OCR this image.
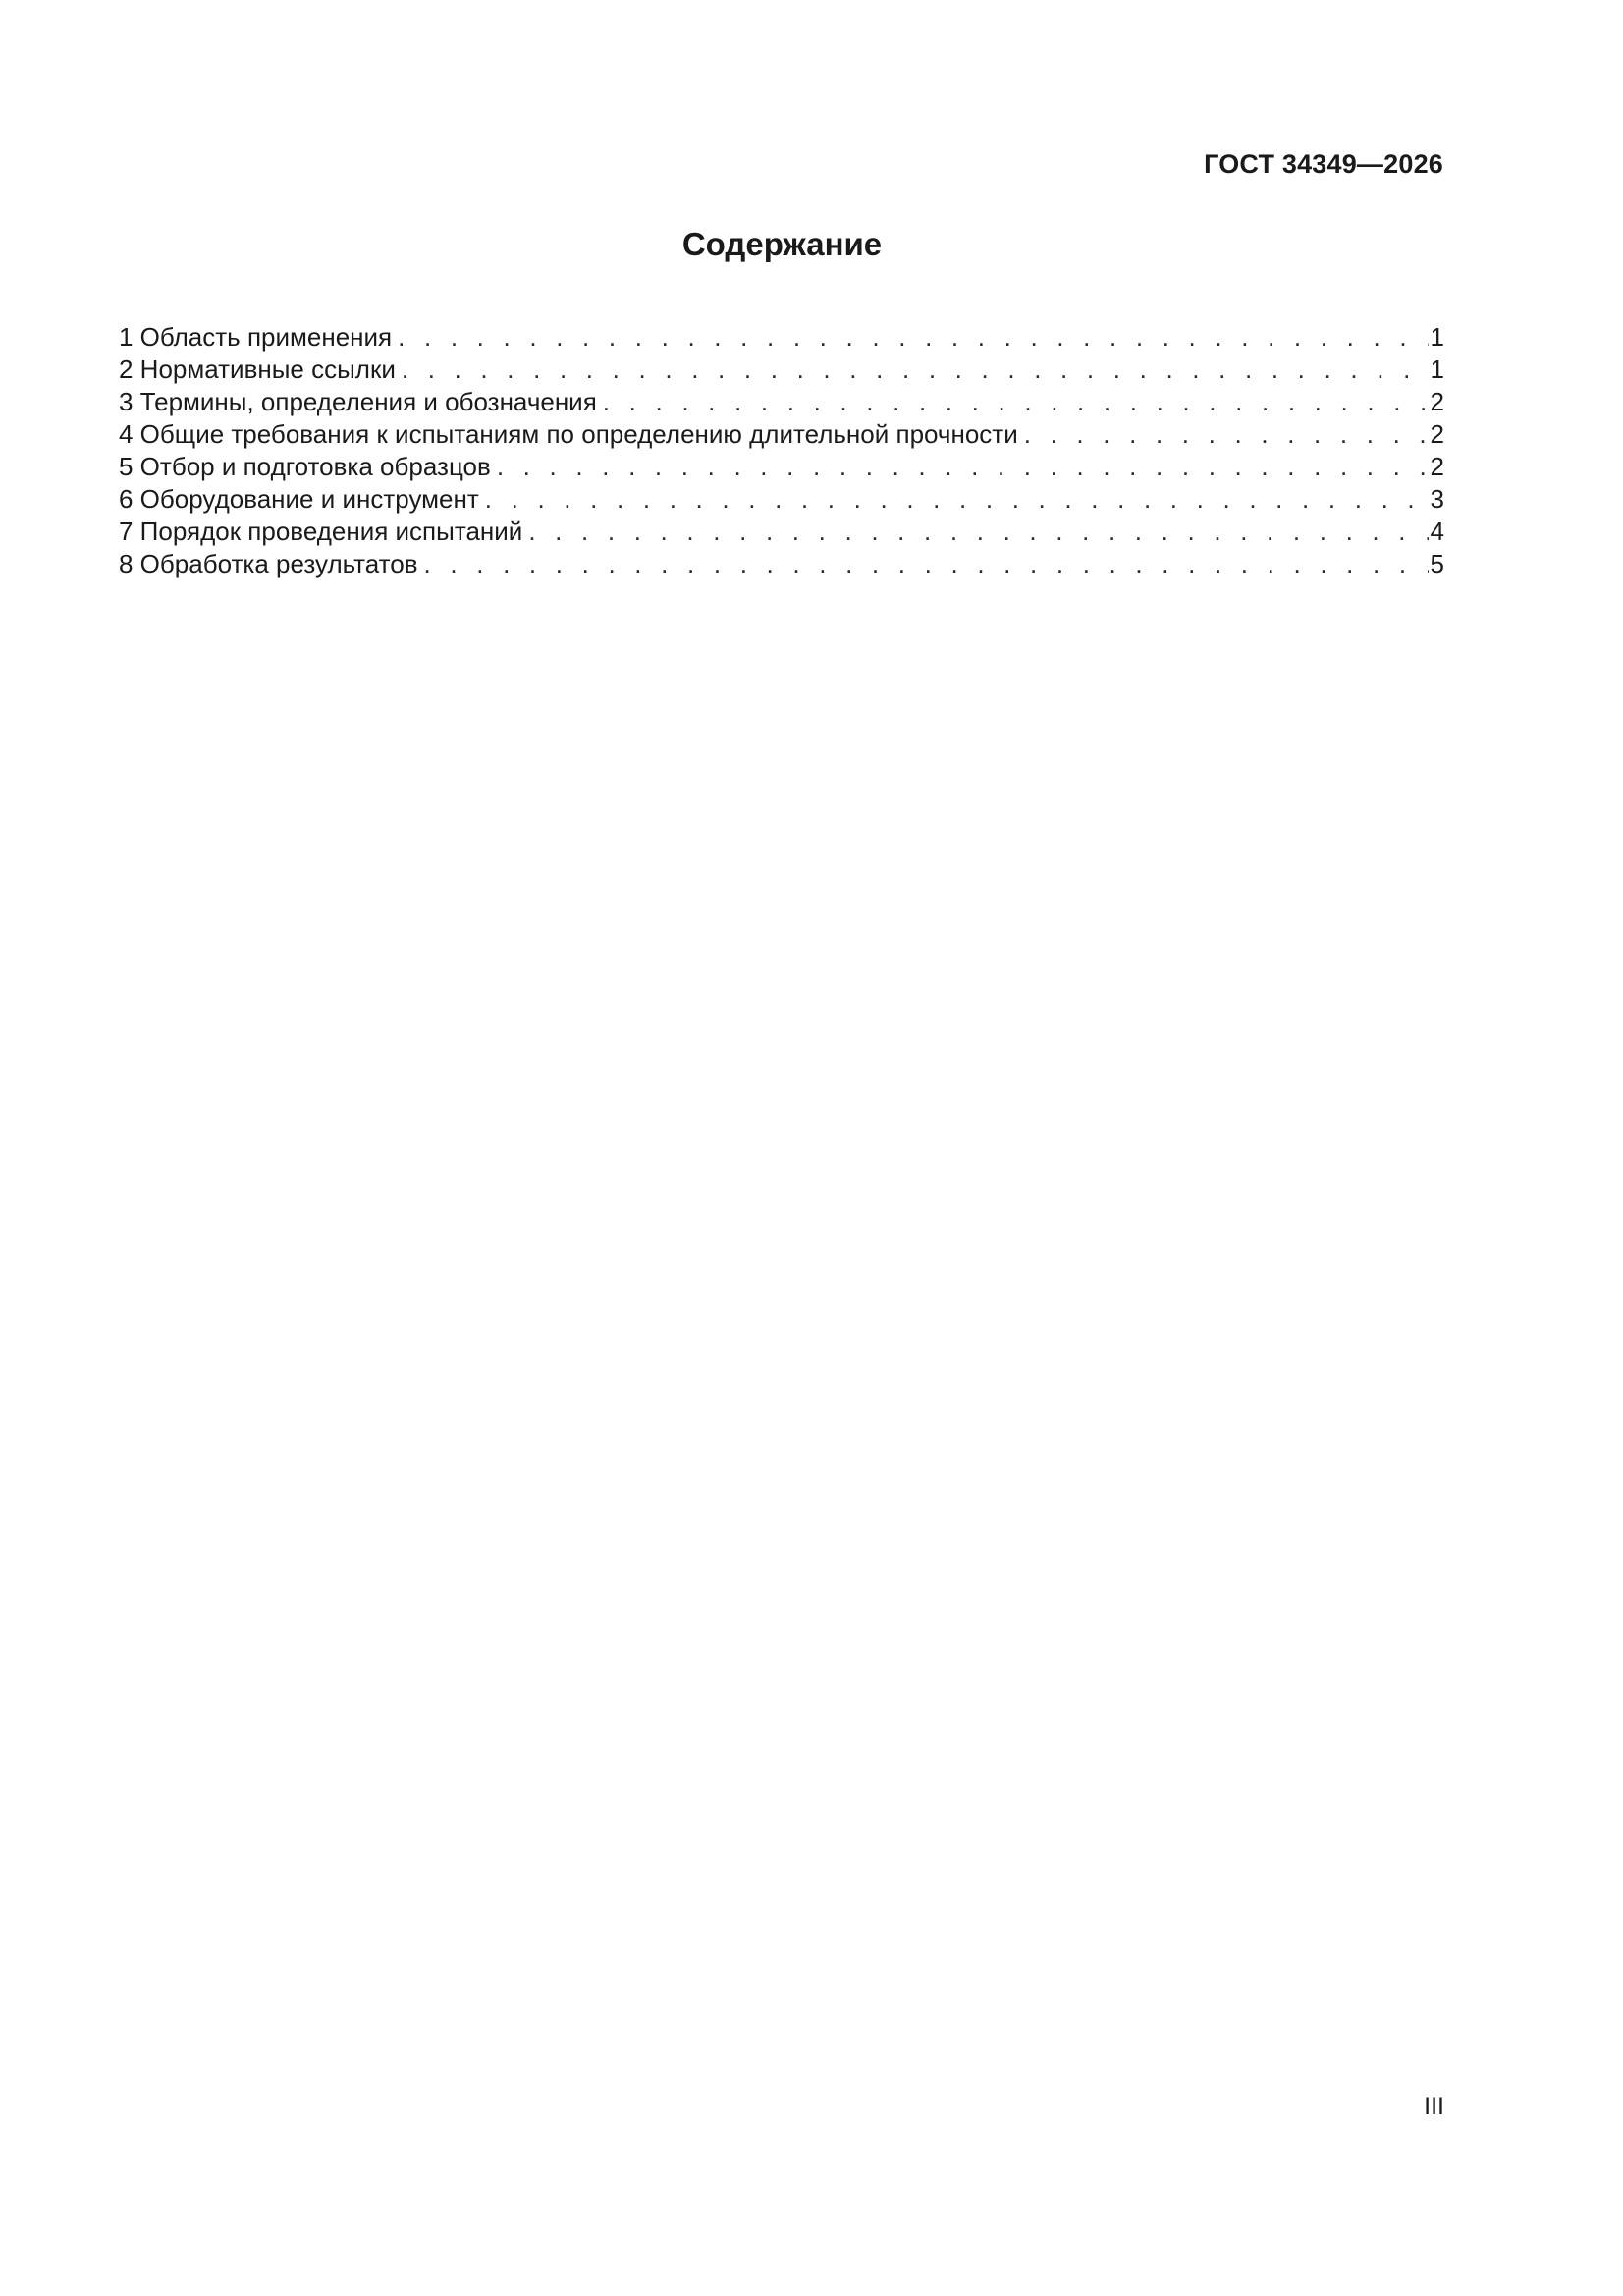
ГОСТ 34349—2026
Содержание
1 Область применения . . .	1
2 Нормативные ссылки . . .	1
3 Термины, определения и обозначения . . .	2
4 Общие требования к испытаниям по определению длительной прочности . . .	2
5 Отбор и подготовка образцов . . .	2
6 Оборудование и инструмент . . .	3
7 Порядок проведения испытаний . . .	4
8 Обработка результатов . . .	5
III
